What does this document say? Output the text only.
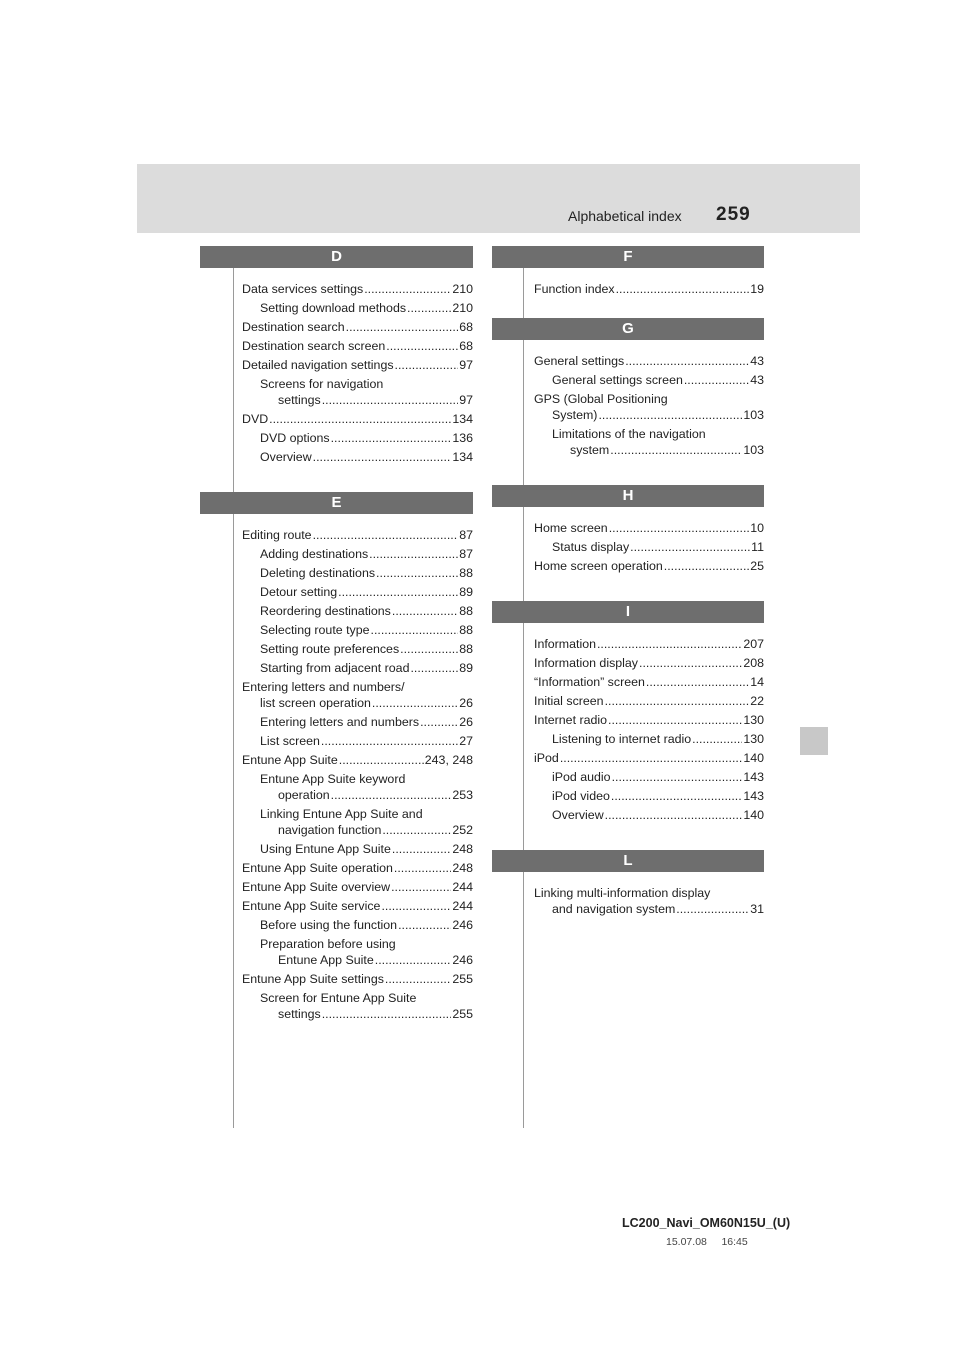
Alphabetical index 259
D
Data services settings .....	210
Setting download methods .....	210
Destination search .....	68
Destination search screen .....	68
Detailed navigation settings .....	97
Screens for navigation
settings .....	97
DVD .....	134
DVD options .....	136
Overview .....	134
E
Editing route .....	87
Adding destinations .....	87
Deleting destinations .....	88
Detour setting .....	89
Reordering destinations .....	88
Selecting route type .....	88
Setting route preferences .....	88
Starting from adjacent road .....	89
Entering letters and numbers/
list screen operation .....	26
Entering letters and numbers .....	26
List screen .....	27
Entune App Suite .....	243, 248
Entune App Suite keyword
operation .....	253
Linking Entune App Suite and
navigation function .....	252
Using Entune App Suite .....	248
Entune App Suite operation .....	248
Entune App Suite overview .....	244
Entune App Suite service .....	244
Before using the function .....	246
Preparation before using
Entune App Suite .....	246
Entune App Suite settings .....	255
Screen for Entune App Suite
settings .....	255
F
Function index .....	19
G
General settings .....	43
General settings screen .....	43
GPS (Global Positioning
System) .....	103
Limitations of the navigation
system .....	103
H
Home screen .....	10
Status display .....	11
Home screen operation .....	25
I
Information .....	207
Information display .....	208
“Information” screen .....	14
Initial screen .....	22
Internet radio .....	130
Listening to internet radio .....	130
iPod .....	140
iPod audio .....	143
iPod video .....	143
Overview .....	140
L
Linking multi-information display
and navigation system .....	31
LC200_Navi_OM60N15U_(U)
15.07.08     16:45
